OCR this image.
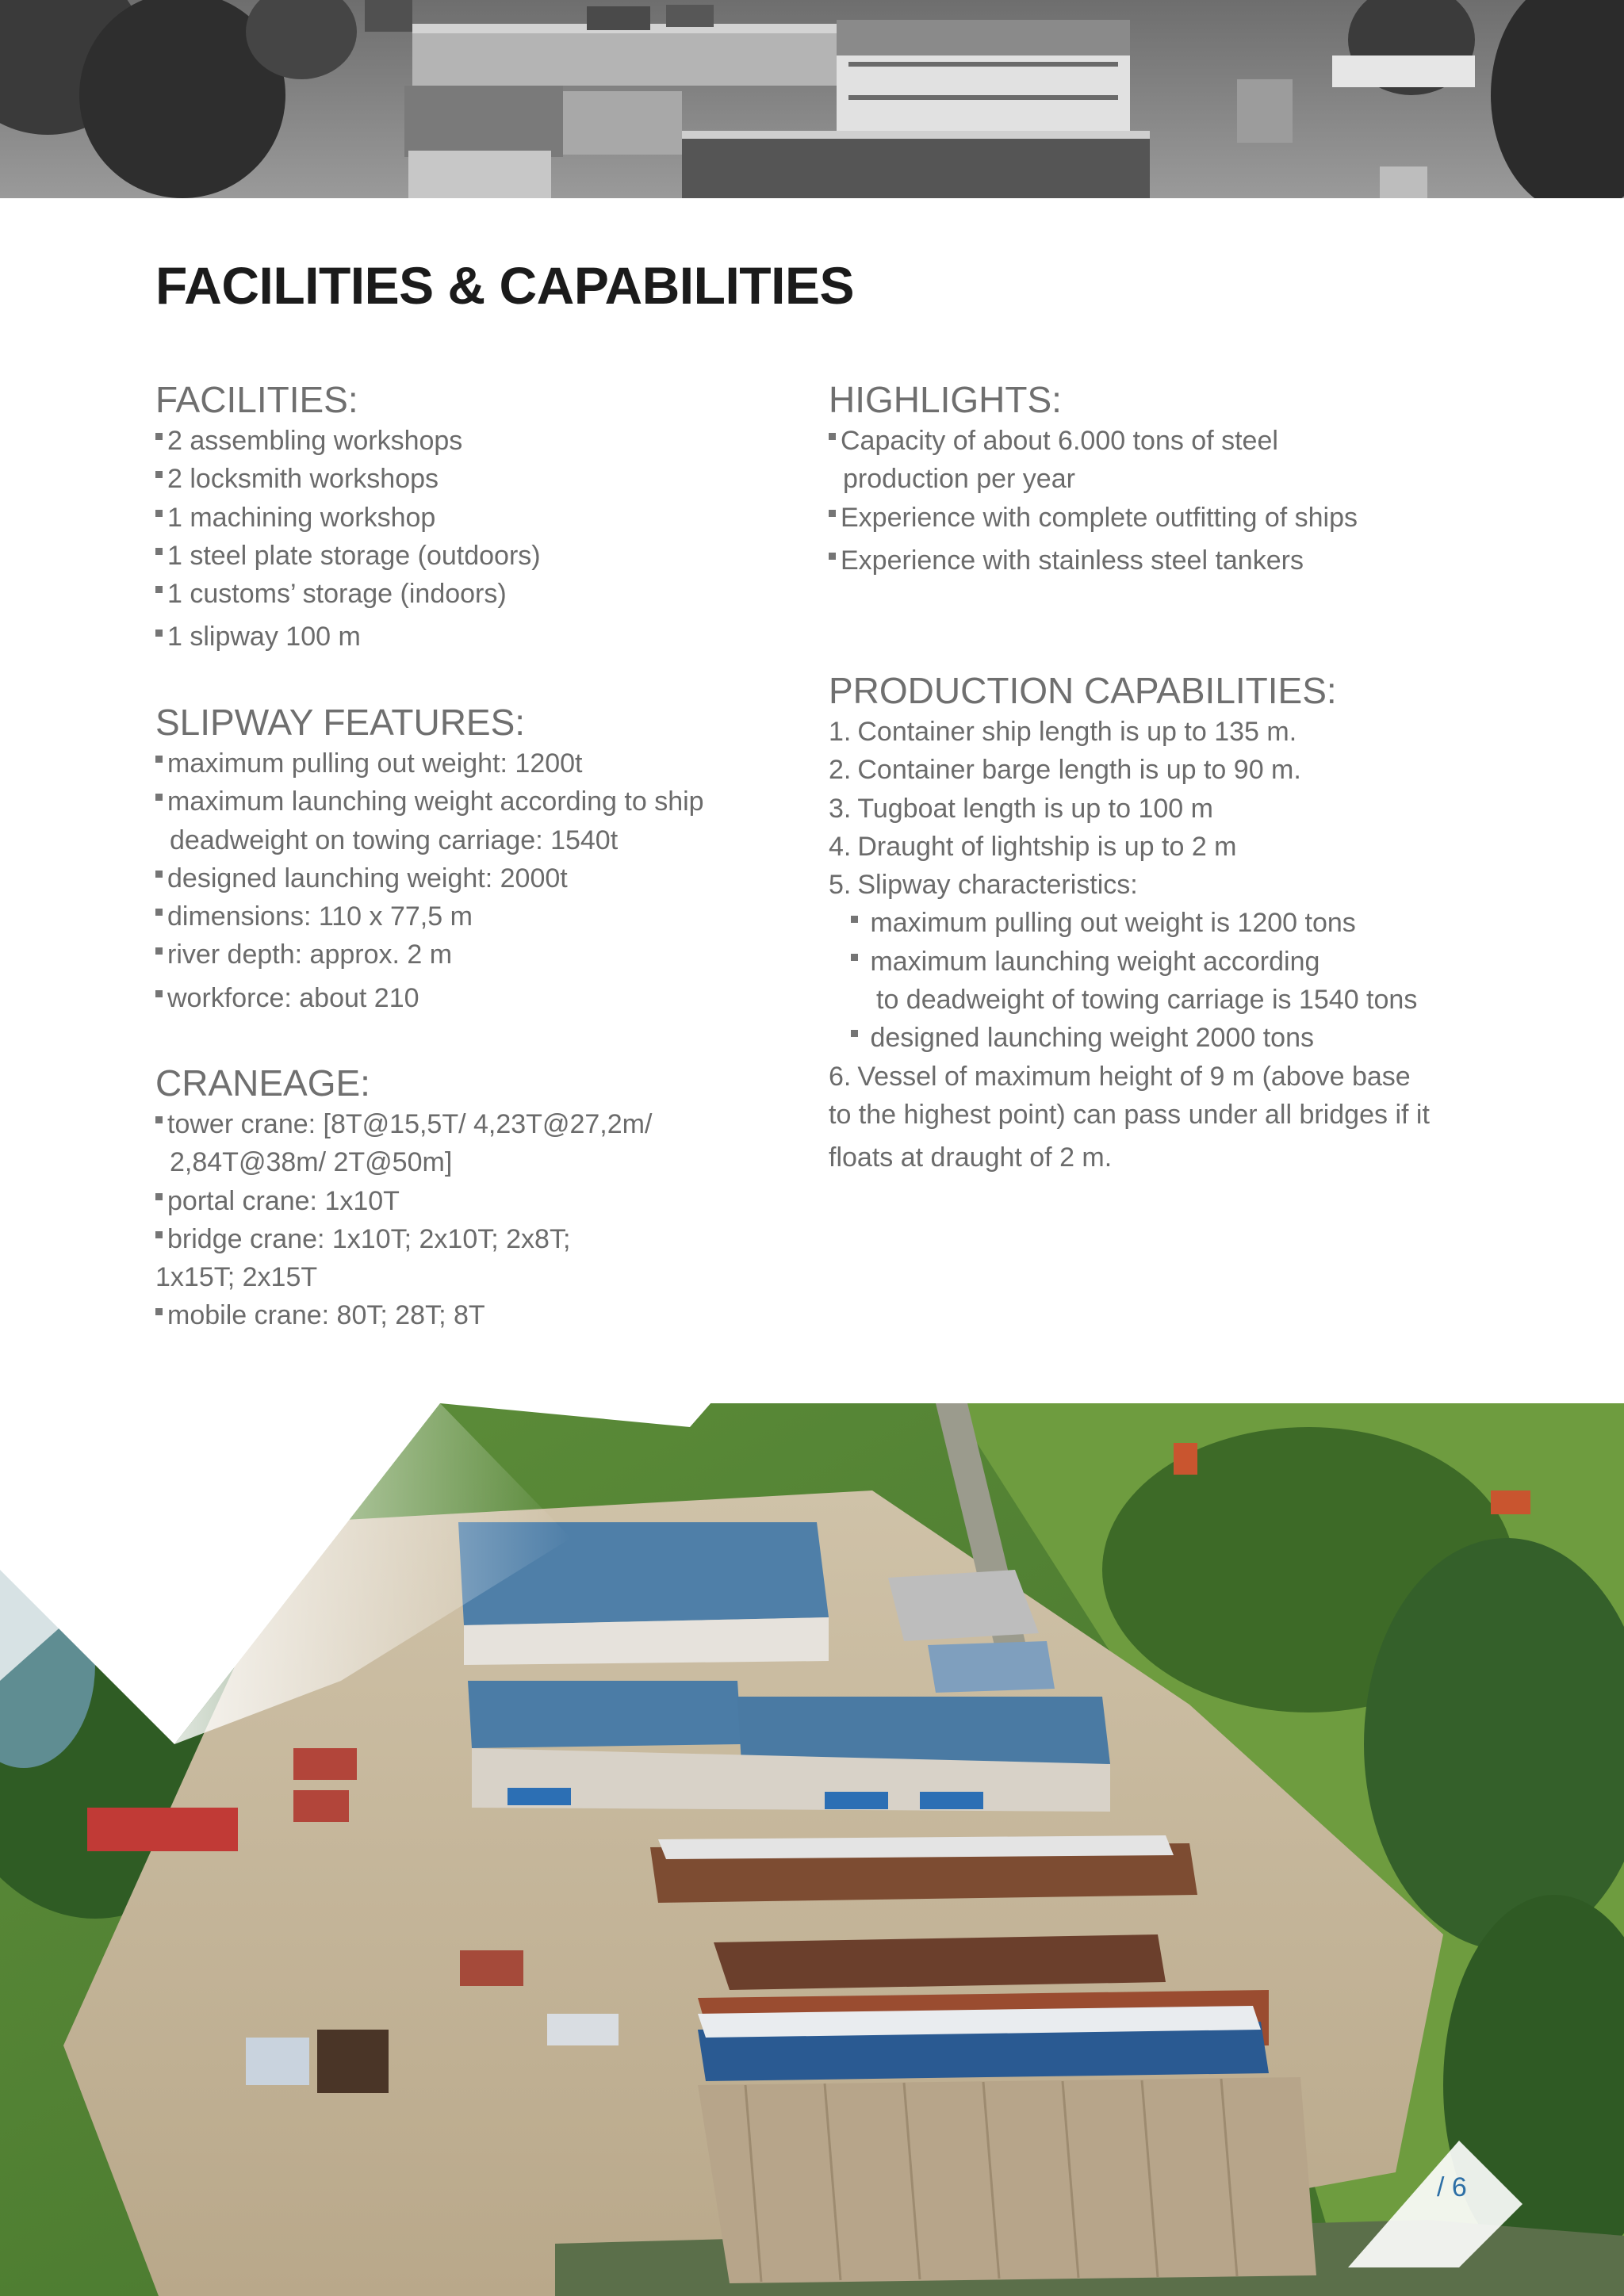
FACILITIES & CAPABILITIES
FACILITIES:
2 assembling workshops
2 locksmith workshops
1 machining workshop
1 steel plate storage (outdoors)
1 customs’ storage (indoors)
1 slipway 100 m
SLIPWAY FEATURES:
maximum pulling out weight: 1200t
maximum launching weight according to ship
deadweight on towing carriage: 1540t
designed launching weight: 2000t
dimensions: 110 x 77,5 m
river depth: approx. 2 m
workforce: about 210
CRANEAGE:
tower crane: [8T@15,5T/ 4,23T@27,2m/
2,84T@38m/ 2T@50m]
portal crane: 1x10T
bridge crane: 1x10T; 2x10T; 2x8T;
1x15T; 2x15T
mobile crane: 80T; 28T; 8T
HIGHLIGHTS:
Capacity of about 6.000 tons of steel
production per year
Experience with complete outfitting of ships
Experience with stainless steel tankers
PRODUCTION CAPABILITIES:
1. Container ship length is up to 135 m.
2. Container barge length is up to 90 m.
3. Tugboat length is up to 100 m
4. Draught of lightship is up to 2 m
5. Slipway characteristics:
maximum pulling out weight is 1200 tons
maximum launching weight according
to deadweight of towing carriage is 1540 tons
designed launching weight 2000 tons
6. Vessel of maximum height of 9 m (above base
to the highest point) can pass under all bridges if it
floats at draught of 2 m.
/ 6
